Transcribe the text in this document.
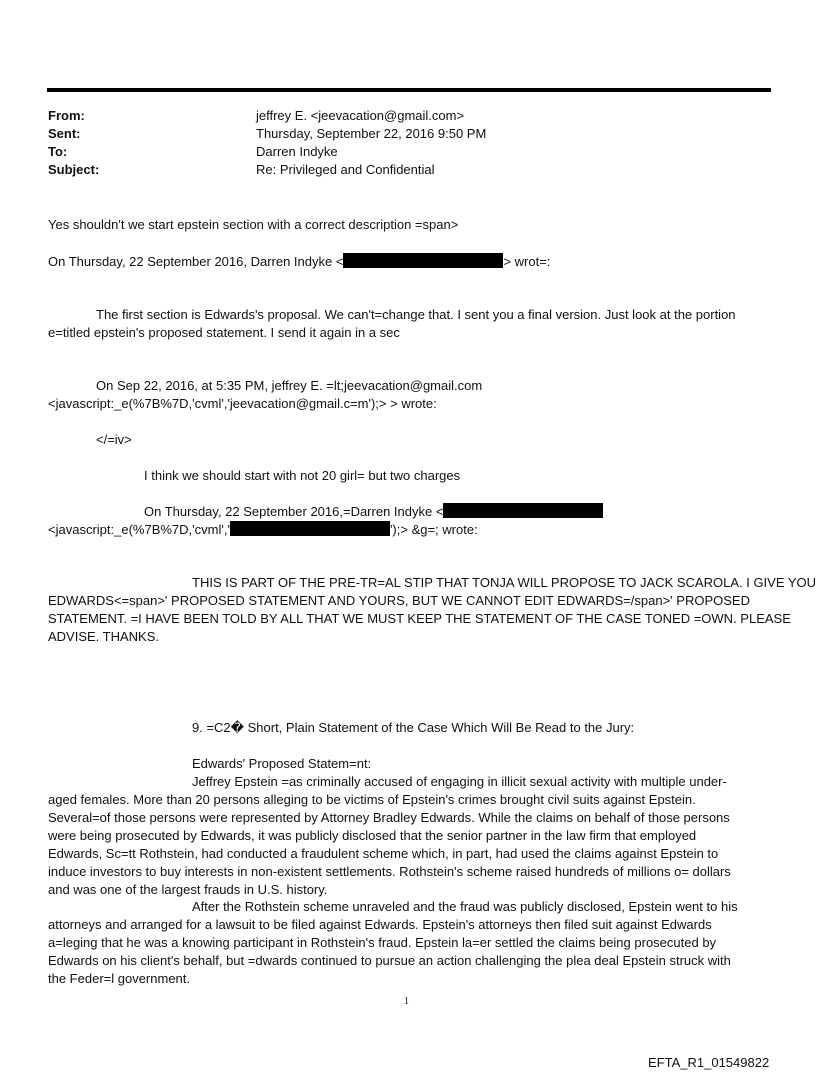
From:	jeffrey E. <jeevacation@gmail.com>
Sent:	Thursday, September 22, 2016 9:50 PM
To:	Darren Indyke
Subject:	Re: Privileged and Confidential
Yes shouldn't we start epstein section with a correct description =span>
On Thursday, 22 September 2016, Darren Indyke <	> wrot=:
The first section is Edwards's proposal. We can't=change that. I sent you a final version. Just look at the portion
e=titled epstein's proposed statement. I send it again in a sec
On Sep 22, 2016, at 5:35 PM, jeffrey E. =lt;jeevacation@gmail.com
<javascript:_e(%7B%7D,'cvml','jeevacation@gmail.c=m');> > wrote:
</=iv>
I think we should start with not 20 girl= but two charges
On Thursday, 22 September 2016,=Darren Indyke <
<javascript:_e(%7B%7D,'cvml','	');> &g=; wrote:
THIS IS PART OF THE PRE-TR=AL STIP THAT TONJA WILL PROPOSE TO JACK SCAROLA. I GIVE YOU
EDWARDS<=span>' PROPOSED STATEMENT AND YOURS, BUT WE CANNOT EDIT EDWARDS=/span>' PROPOSED
STATEMENT. =I HAVE BEEN TOLD BY ALL THAT WE MUST KEEP THE STATEMENT OF THE CASE TONED =OWN. PLEASE
ADVISE. THANKS.
9. =C2� Short, Plain Statement of the Case Which Will Be Read to the Jury:
Edwards' Proposed Statem=nt:
Jeffrey Epstein =as criminally accused of engaging in illicit sexual activity with multiple under-
aged females. More than 20 persons alleging to be victims of Epstein's crimes brought civil suits against Epstein.
Several=of those persons were represented by Attorney Bradley Edwards. While the claims on behalf of those persons
were being prosecuted by Edwards, it was publicly disclosed that the senior partner in the law firm that employed
Edwards, Sc=tt Rothstein, had conducted a fraudulent scheme which, in part, had used the claims against Epstein to
induce investors to buy interests in non-existent settlements. Rothstein's scheme raised hundreds of millions o= dollars
and was one of the largest frauds in U.S. history.
After the Rothstein scheme unraveled and the fraud was publicly disclosed, Epstein went to his
attorneys and arranged for a lawsuit to be filed against Edwards. Epstein's attorneys then filed suit against Edwards
a=leging that he was a knowing participant in Rothstein's fraud. Epstein la=er settled the claims being prosecuted by
Edwards on his client's behalf, but =dwards continued to pursue an action challenging the plea deal Epstein struck with
the Feder=l government.
1
EFTA_R1_01549822
